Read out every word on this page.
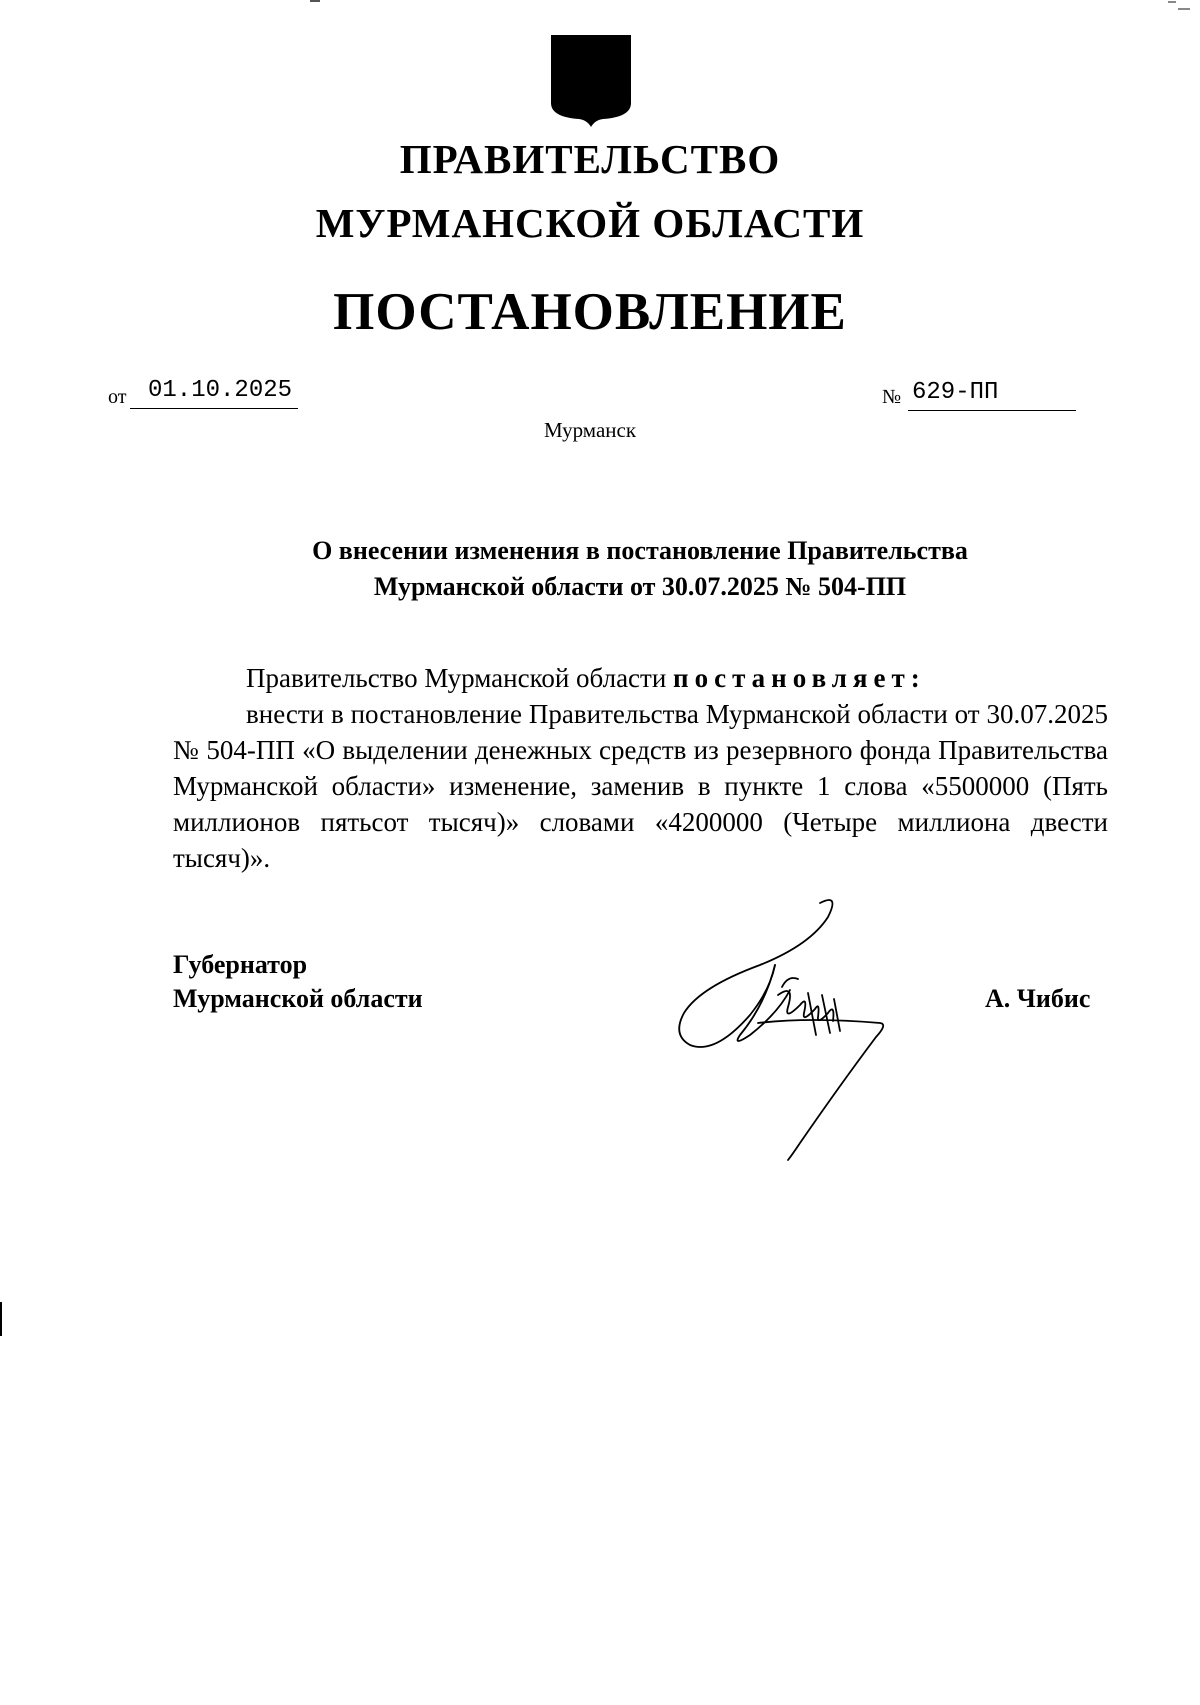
ПРАВИТЕЛЬСТВО
МУРМАНСКОЙ ОБЛАСТИ
ПОСТАНОВЛЕНИЕ
от 01.10.2025	№ 629-ПП
Мурманск
О внесении изменения в постановление Правительства
Мурманской области от 30.07.2025 № 504-ПП
Правительство Мурманской области постановляет:
внести в постановление Правительства Мурманской области от 30.07.2025 № 504-ПП «О выделении денежных средств из резервного фонда Правительства Мурманской области» изменение, заменив в пункте 1 слова «5500000 (Пять миллионов пятьсот тысяч)» словами «4200000 (Четыре миллиона двести тысяч)».
Губернатор
Мурманской области	А. Чибис
